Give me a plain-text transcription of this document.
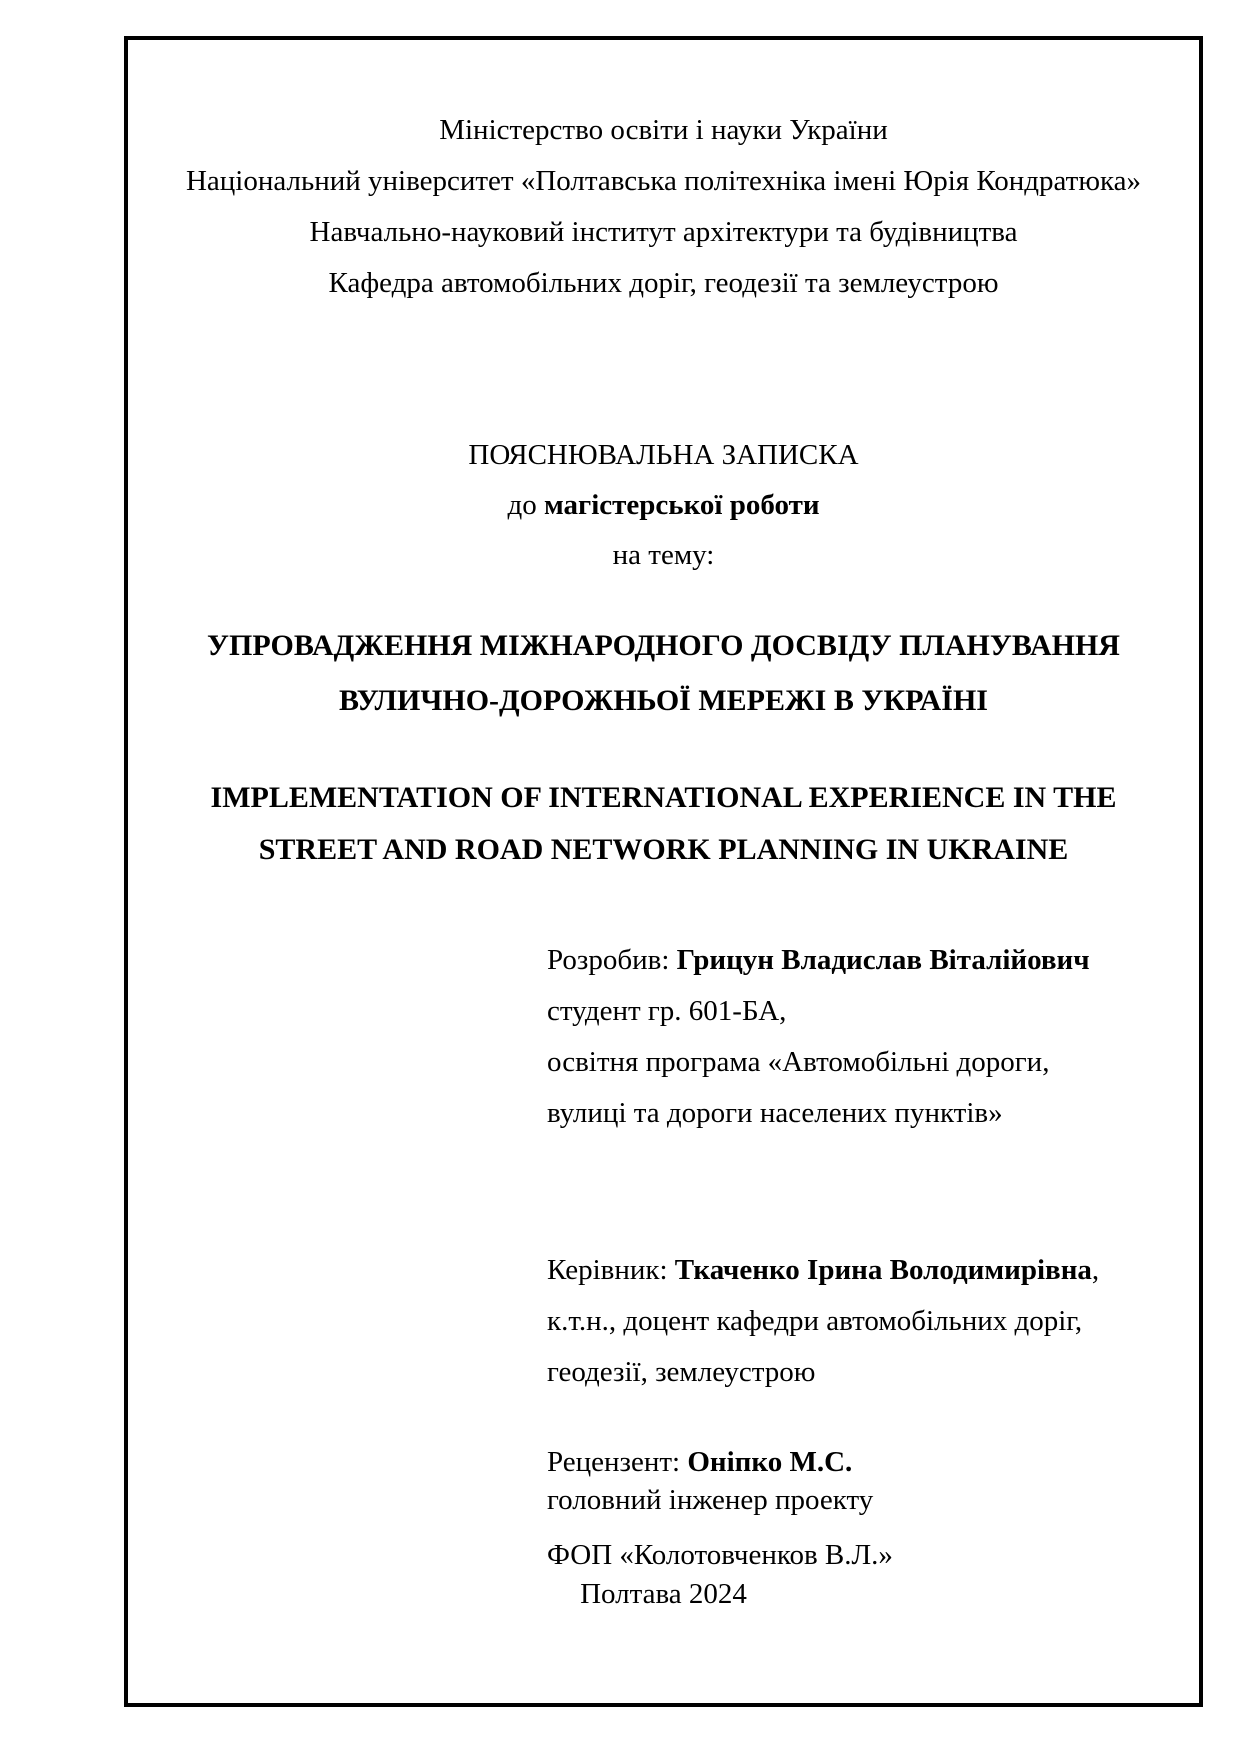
Міністерство освіти і науки України
Національний університет «Полтавська політехніка імені Юрія Кондратюка»
Навчально-науковий інститут архітектури та будівництва
Кафедра автомобільних доріг, геодезії та землеустрою
ПОЯСНЮВАЛЬНА ЗАПИСКА
до магістерської роботи
на тему:
УПРОВАДЖЕННЯ МІЖНАРОДНОГО ДОСВІДУ ПЛАНУВАННЯ
ВУЛИЧНО-ДОРОЖНЬОЇ МЕРЕЖІ В УКРАЇНІ
IMPLEMENTATION OF INTERNATIONAL EXPERIENCE IN THE
STREET AND ROAD NETWORK PLANNING IN UKRAINE
Розробив: Грицун Владислав Віталійович
студент гр. 601-БА,
освітня програма «Автомобільні дороги,
вулиці та дороги населених пунктів»
Керівник: Ткаченко Ірина Володимирівна,
к.т.н., доцент кафедри автомобільних доріг,
геодезії, землеустрою
Рецензент: Оніпко М.С.
головний інженер проекту
ФОП «Колотовченков В.Л.»
Полтава 2024
